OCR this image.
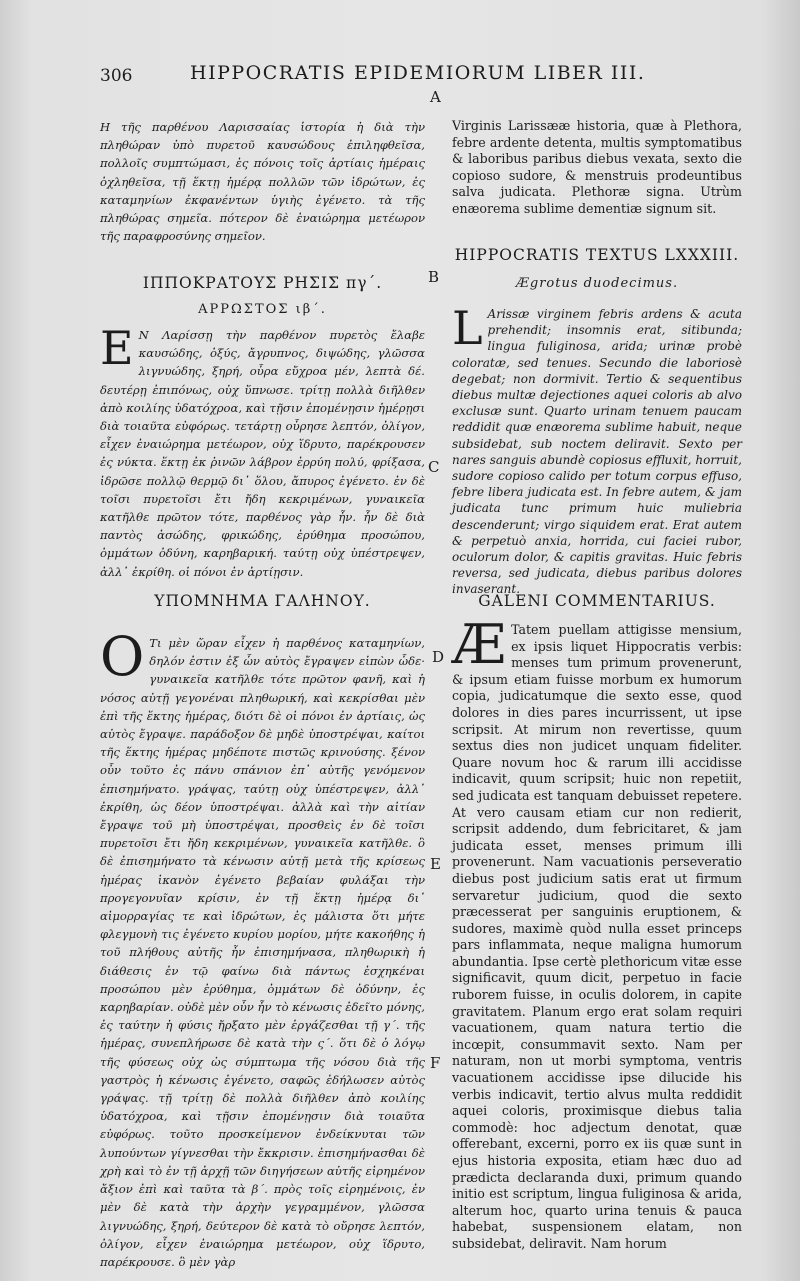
306	HIPPOCRATIS EPIDEMIORUM LIBER III.
A
B
C
D
E
F

Η τῆς παρθένου Λαρισσαίας ἱστορία ἡ διὰ τὴν πληθώραν ὑπὸ πυρετοῦ καυσώδους ἐπιληφθεῖσα, πολλοῖς συμπτώμασι, ἐς πόνοις τοῖς ἀρτίαις ἡμέραις ὀχληθεῖσα, τῇ ἕκτῃ ἡμέρᾳ πολλῶν τῶν ἱδρώτων, ἐς καταμηνίων ἐκφανέντων ὑγιὴς ἐγένετο. τὰ τῆς πληθώρας σημεῖα. πότερον δὲ ἐναιώρημα μετέωρον τῆς παραφροσύνης σημεῖον.

ΙΠΠΟΚΡΑΤΟΥΣ ΡΗΣΙΣ πγ΄.

ΑΡΡΩΣΤΟΣ ιβ΄.

Ε Ν Λαρίσσῃ τὴν παρθένον πυρετὸς ἔλαβε καυσώδης, ὀξύς, ἄγρυπνος, διψώδης, γλῶσσα λιγνυώδης, ξηρή, οὖρα εὔχροα μέν, λεπτὰ δέ. δευτέρῃ ἐπιπόνως, οὐχ ὕπνωσε. τρίτῃ πολλὰ διῆλθεν ἀπὸ κοιλίης ὑδατόχροα, καὶ τῇσιν ἐπομένῃσιν ἡμέρῃσι διὰ τοιαῦτα εὐφόρως. τετάρτῃ οὖρησε λεπτόν, ὀλίγον, εἶχεν ἐναιώρημα μετέωρον, οὐχ ἵδρυτο, παρέκρουσεν ἐς νύκτα. ἕκτῃ ἐκ ῥινῶν λάβρον ἐρρύη πολύ, φρίξασα, ἱδρῶσε πολλῷ θερμῷ δι᾽ ὅλου, ἄπυρος ἐγένετο. ἐν δὲ τοῖσι πυρετοῖσι ἔτι ἤδη κεκριμένων, γυναικεῖα κατῆλθε πρῶτον τότε, παρθένος γὰρ ἦν. ἦν δὲ διὰ παντὸς ἀσώδης, φρικώδης, ἐρύθημα προσώπου, ὀμμάτων ὀδύνη, καρηβαρική. ταύτῃ οὐχ ὑπέστρεψεν, ἀλλ᾽ ἐκρίθη. οἱ πόνοι ἐν ἀρτίῃσιν.

ΥΠΟΜΝΗΜΑ ΓΑΛΗΝΟΥ.

Ο Τι μὲν ὥραν εἶχεν ἡ παρθένος καταμηνίων, δηλόν ἐστιν ἐξ ὧν αὐτὸς ἔγραψεν εἰπὼν ὧδε· γυναικεῖα κατῆλθε τότε πρῶτον φανῆ, καὶ ἡ νόσος αὐτῇ γεγονέναι πληθωρική, καὶ κεκρίσθαι μὲν ἐπὶ τῆς ἕκτης ἡμέρας, διότι δὲ οἱ πόνοι ἐν ἀρτίαις, ὡς αὐτὸς ἔγραψε. παράδοξον δὲ μηδὲ ὑποστρέψαι, καίτοι τῆς ἕκτης ἡμέρας μηδέποτε πιστῶς κρινούσης. ξένον οὖν τοῦτο ἐς πάνυ σπάνιον ἐπ᾽ αὐτῆς γενόμενον ἐπισημήνατο. γράψας, ταύτῃ οὐχ ὑπέστρεψεν, ἀλλ᾽ ἐκρίθη, ὡς δέον ὑποστρέψαι. ἀλλὰ καὶ τὴν αἰτίαν ἔγραψε τοῦ μὴ ὑποστρέψαι, προσθεὶς ἐν δὲ τοῖσι πυρετοῖσι ἔτι ἤδη κεκριμένων, γυναικεῖα κατῆλθε. ὃ δὲ ἐπισημήνατο τὰ κένωσιν αὐτῇ μετὰ τῆς κρίσεως ἡμέρας ἱκανὸν ἐγένετο βεβαίαν φυλάξαι τὴν προγεγονυῖαν κρίσιν, ἐν τῇ ἕκτῃ ἡμέρᾳ δι᾽ αἱμορραγίας τε καὶ ἱδρώτων, ἐς μάλιστα ὅτι μήτε φλεγμονὴ τις ἐγένετο κυρίου μορίου, μήτε κακοήθης ἡ τοῦ πλήθους αὐτῆς ἦν ἐπισημήνασα, πληθωρικὴ ἡ διάθεσις ἐν τῷ φαίνω διὰ πάντως ἐσχηκέναι προσώπου μὲν ἐρύθημα, ὀμμάτων δὲ ὀδύνην, ἐς καρηβαρίαν. οὐδὲ μὲν οὖν ἦν τὸ κένωσις ἐδεῖτο μόνης, ἐς ταύτην ἡ φύσις ἤρξατο μὲν ἐργάζεσθαι τῇ γ΄. τῆς ἡμέρας, συνεπλήρωσε δὲ κατὰ τὴν ς΄. ὅτι δὲ ὁ λόγῳ τῆς φύσεως οὐχ ὡς σύμπτωμα τῆς νόσου διὰ τῆς γαστρὸς ἡ κένωσις ἐγένετο, σαφῶς ἐδήλωσεν αὐτὸς γράψας. τῇ τρίτῃ δὲ πολλὰ διῆλθεν ἀπὸ κοιλίης ὑδατόχροα, καὶ τῇσιν ἑπομένῃσιν διὰ τοιαῦτα εὐφόρως. τοῦτο προσκείμενον ἐνδείκνυται τῶν λυπούντων γίγνεσθαι τὴν ἔκκρισιν. ἐπισημήνασθαι δὲ χρὴ καὶ τὸ ἐν τῇ ἀρχῇ τῶν διηγήσεων αὐτῆς εἰρημένον ἄξιον ἐπὶ καὶ ταῦτα τὰ β΄. πρὸς τοῖς εἰρημένοις, ἐν μὲν δὲ κατὰ τὴν ἀρχὴν γεγραμμένον, γλῶσσα λιγνυώδης, ξηρή, δεύτερον δὲ κατὰ τὸ οὔρησε λεπτόν, ὀλίγον, εἶχεν ἐναιώρημα μετέωρον, οὐχ ἵδρυτο, παρέκρουσε. ὃ μὲν γὰρ

Virginis Larissææ historia, quæ à Plethora, febre ardente detenta, multis symptomatibus & laboribus paribus diebus vexata, sexto die copioso sudore, & menstruis prodeuntibus salva judicata. Plethoræ signa. Utrùm enæorema sublime dementiæ signum sit.

HIPPOCRATIS TEXTUS LXXXIII.

Ægrotus duodecimus.

L Arissæ virginem febris ardens & acuta prehendit; insomnis erat, sitibunda; lingua fuliginosa, arida; urinæ probè coloratæ, sed tenues. Secundo die laboriosè degebat; non dormivit. Tertio & sequentibus diebus multæ dejectiones aquei coloris ab alvo exclusæ sunt. Quarto urinam tenuem paucam reddidit quæ enæorema sublime habuit, neque subsidebat, sub noctem deliravit. Sexto per nares sanguis abundè copiosus effluxit, horruit, sudore copioso calido per totum corpus effuso, febre libera judicata est. In febre autem, & jam judicata tunc primum huic muliebria descenderunt; virgo siquidem erat. Erat autem & perpetuò anxia, horrida, cui faciei rubor, oculorum dolor, & capitis gravitas. Huic febris reversa, sed judicata, diebus paribus dolores invaserant.

GALENI COMMENTARIUS.

Æ Tatem puellam attigisse mensium, ex ipsis liquet Hippocratis verbis: menses tum primum provenerunt, & ipsum etiam fuisse morbum ex humorum copia, judicatumque die sexto esse, quod dolores in dies pares incurrissent, ut ipse scripsit. At mirum non revertisse, quum sextus dies non judicet unquam fideliter. Quare novum hoc & rarum illi accidisse indicavit, quum scripsit; huic non repetiit, sed judicata est tanquam debuisset repetere. At vero causam etiam cur non redierit, scripsit addendo, dum febricitaret, & jam judicata esset, menses primum illi provenerunt. Nam vacuationis perseveratio diebus post judicium satis erat ut firmum servaretur judicium, quod die sexto præcesserat per sanguinis eruptionem, & sudores, maximè quòd nulla esset princeps pars inflammata, neque maligna humorum abundantia. Ipse certè plethoricum vitæ esse significavit, quum dicit, perpetuo in facie ruborem fuisse, in oculis dolorem, in capite gravitatem. Planum ergo erat solam requiri vacuationem, quam natura tertio die incœpit, consummavit sexto. Nam per naturam, non ut morbi symptoma, ventris vacuationem accidisse ipse dilucide his verbis indicavit, tertio alvus multa reddidit aquei coloris, proximisque diebus talia commodè: hoc adjectum denotat, quæ offerebant, excerni, porro ex iis quæ sunt in ejus historia exposita, etiam hæc duo ad prædicta declaranda duxi, primum quando initio est scriptum, lingua fuliginosa & arida, alterum hoc, quarto urina tenuis & pauca habebat, suspensionem elatam, non subsidebat, deliravit. Nam horum
